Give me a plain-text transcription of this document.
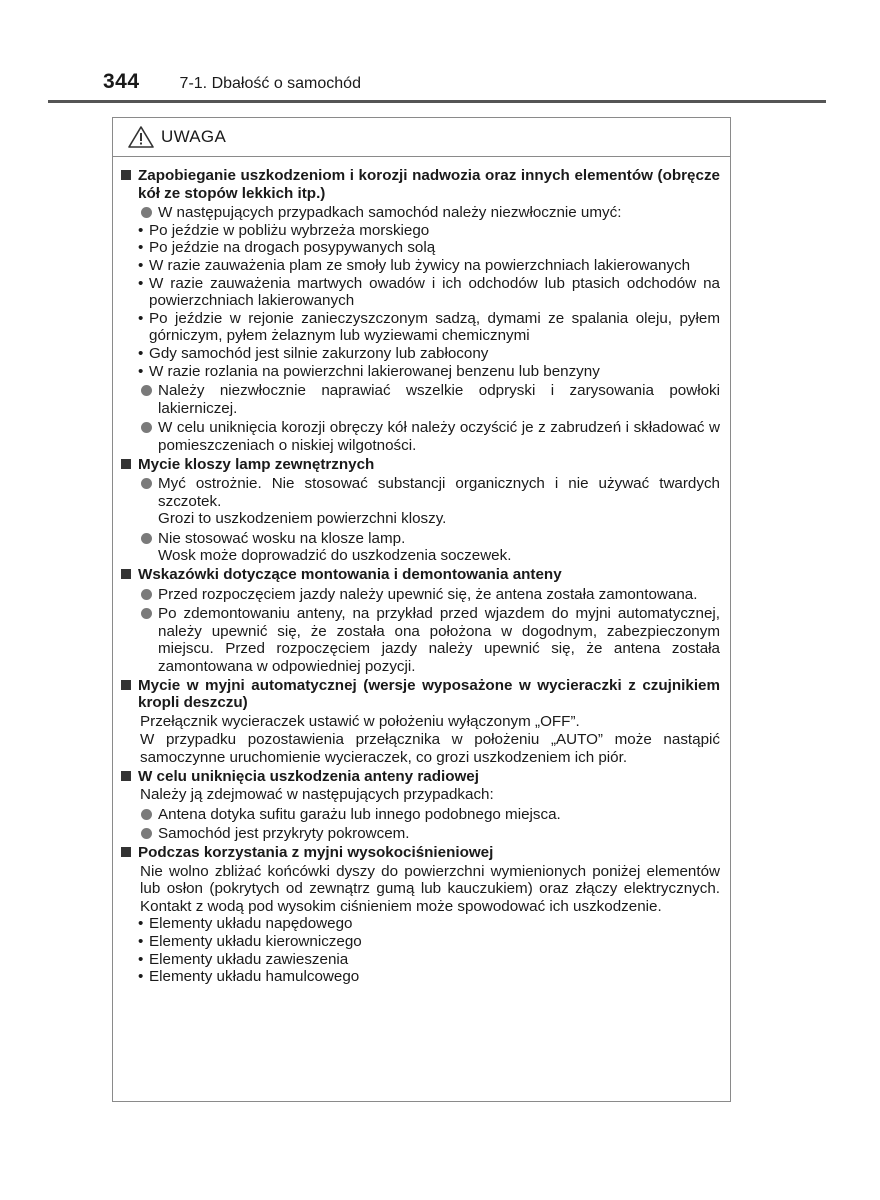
344	7-1. Dbałość o samochód
UWAGA
Zapobieganie uszkodzeniom i korozji nadwozia oraz innych elementów (obręcze kół ze stopów lekkich itp.)
W następujących przypadkach samochód należy niezwłocznie umyć:
• Po jeździe w pobliżu wybrzeża morskiego
• Po jeździe na drogach posypywanych solą
• W razie zauważenia plam ze smoły lub żywicy na powierzchniach lakierowanych
• W razie zauważenia martwych owadów i ich odchodów lub ptasich odchodów na powierzchniach lakierowanych
• Po jeździe w rejonie zanieczyszczonym sadzą, dymami ze spalania oleju, pyłem górniczym, pyłem żelaznym lub wyziewami chemicznymi
• Gdy samochód jest silnie zakurzony lub zabłocony
• W razie rozlania na powierzchni lakierowanej benzenu lub benzyny
Należy niezwłocznie naprawiać wszelkie odpryski i zarysowania powłoki lakierniczej.
W celu uniknięcia korozji obręczy kół należy oczyścić je z zabrudzeń i składować w pomieszczeniach o niskiej wilgotności.
Mycie kloszy lamp zewnętrznych
Myć ostrożnie. Nie stosować substancji organicznych i nie używać twardych szczotek.
Grozi to uszkodzeniem powierzchni kloszy.
Nie stosować wosku na klosze lamp.
Wosk może doprowadzić do uszkodzenia soczewek.
Wskazówki dotyczące montowania i demontowania anteny
Przed rozpoczęciem jazdy należy upewnić się, że antena została zamontowana.
Po zdemontowaniu anteny, na przykład przed wjazdem do myjni automatycznej, należy upewnić się, że została ona położona w dogodnym, zabezpieczonym miejscu. Przed rozpoczęciem jazdy należy upewnić się, że antena została zamontowana w odpowiedniej pozycji.
Mycie w myjni automatycznej (wersje wyposażone w wycieraczki z czujnikiem kropli deszczu)
Przełącznik wycieraczek ustawić w położeniu wyłączonym „OFF”.
W przypadku pozostawienia przełącznika w położeniu „AUTO” może nastąpić samoczynne uruchomienie wycieraczek, co grozi uszkodzeniem ich piór.
W celu uniknięcia uszkodzenia anteny radiowej
Należy ją zdejmować w następujących przypadkach:
Antena dotyka sufitu garażu lub innego podobnego miejsca.
Samochód jest przykryty pokrowcem.
Podczas korzystania z myjni wysokociśnieniowej
Nie wolno zbliżać końcówki dyszy do powierzchni wymienionych poniżej elementów lub osłon (pokrytych od zewnątrz gumą lub kauczukiem) oraz złączy elektrycznych. Kontakt z wodą pod wysokim ciśnieniem może spowodować ich uszkodzenie.
• Elementy układu napędowego
• Elementy układu kierowniczego
• Elementy układu zawieszenia
• Elementy układu hamulcowego
